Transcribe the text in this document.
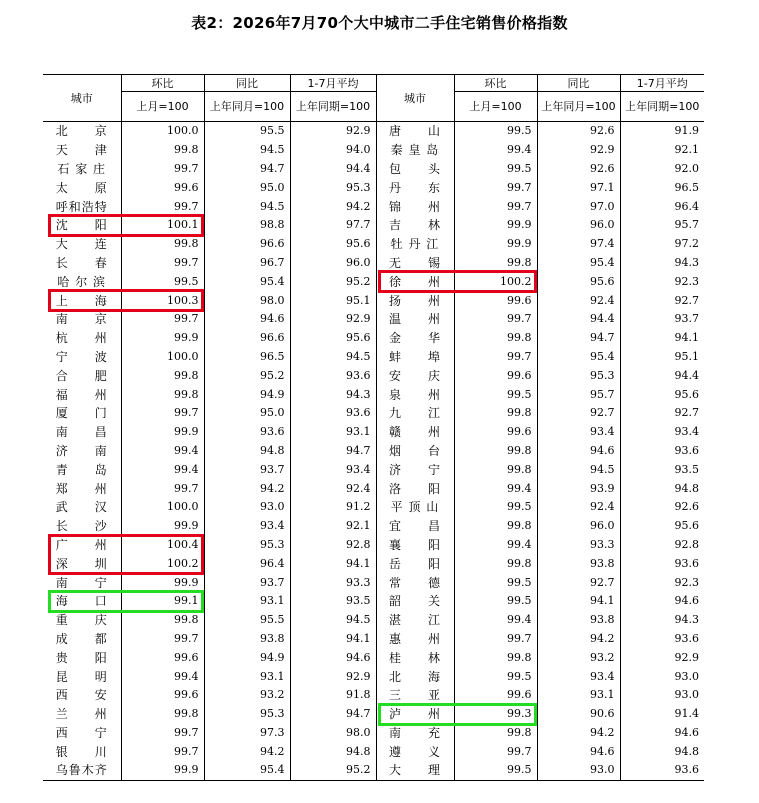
表2：2026年7月70个大中城市二手住宅销售价格指数
城市	环比	同比	1-7月平均	城市	环比	同比	1-7月平均
	上月=100	上年同月=100	上年同期=100		上月=100	上年同月=100	上年同期=100
北　　京	100.0	95.5	92.9	唐　　山	99.5	92.6	91.9
天　　津	99.8	94.5	94.0	秦 皇 岛	99.4	92.9	92.1
石 家 庄	99.7	94.7	94.4	包　　头	99.5	92.6	92.0
太　　原	99.6	95.0	95.3	丹　　东	99.7	97.1	96.5
呼和浩特	99.7	94.5	94.2	锦　　州	99.7	97.0	96.4
沈　　阳	100.1	98.8	97.7	吉　　林	99.9	96.0	95.7
大　　连	99.8	96.6	95.6	牡 丹 江	99.9	97.4	97.2
长　　春	99.7	96.7	96.0	无　　锡	99.8	95.4	94.3
哈 尔 滨	99.5	95.4	95.2	徐　　州	100.2	95.6	92.3
上　　海	100.3	98.0	95.1	扬　　州	99.6	92.4	92.7
南　　京	99.7	94.6	92.9	温　　州	99.7	94.4	93.7
杭　　州	99.9	96.6	95.6	金　　华	99.8	94.7	94.1
宁　　波	100.0	96.5	94.5	蚌　　埠	99.7	95.4	95.1
合　　肥	99.8	95.2	93.6	安　　庆	99.6	95.3	94.4
福　　州	99.8	94.9	94.3	泉　　州	99.5	95.7	95.6
厦　　门	99.7	95.0	93.6	九　　江	99.8	92.7	92.7
南　　昌	99.9	93.6	93.1	赣　　州	99.6	93.4	93.4
济　　南	99.4	94.8	94.7	烟　　台	99.8	94.6	93.6
青　　岛	99.4	93.7	93.4	济　　宁	99.8	94.5	93.5
郑　　州	99.7	94.2	92.4	洛　　阳	99.4	93.9	94.8
武　　汉	100.0	93.0	91.2	平 顶 山	99.5	92.4	92.6
长　　沙	99.9	93.4	92.1	宜　　昌	99.8	96.0	95.6
广　　州	100.4	95.3	92.8	襄　　阳	99.4	93.3	92.8
深　　圳	100.2	96.4	94.1	岳　　阳	99.8	93.8	93.6
南　　宁	99.9	93.7	93.3	常　　德	99.5	92.7	92.3
海　　口	99.1	93.1	93.5	韶　　关	99.5	94.1	94.6
重　　庆	99.8	95.5	94.5	湛　　江	99.4	93.8	94.3
成　　都	99.7	93.8	94.1	惠　　州	99.7	94.2	93.6
贵　　阳	99.6	94.9	94.6	桂　　林	99.8	93.2	92.9
昆　　明	99.4	93.1	92.9	北　　海	99.5	93.4	93.0
西　　安	99.6	93.2	91.8	三　　亚	99.6	93.1	93.0
兰　　州	99.8	95.3	94.7	泸　　州	99.3	90.6	91.4
西　　宁	99.7	97.3	98.0	南　　充	99.8	94.2	94.6
银　　川	99.7	94.2	94.8	遵　　义	99.7	94.6	94.8
乌鲁木齐	99.9	95.4	95.2	大　　理	99.5	93.0	93.6
